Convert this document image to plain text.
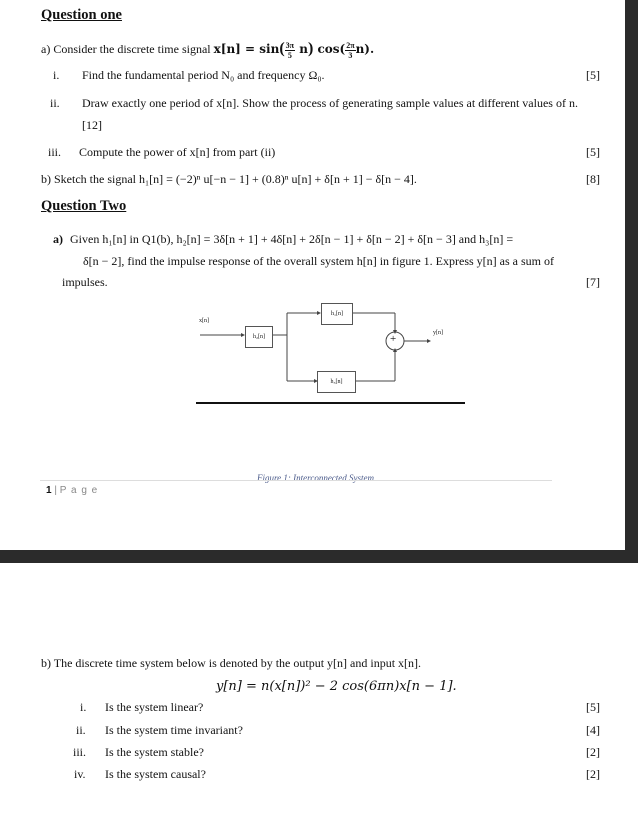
Question one
a) Consider the discrete time signal $x[n] = \sin( \frac{3\pi}{5} n)$ $\cos( \frac{2\pi}{3} n)$.
i. Find the fundamental period N₀ and frequency Ω₀.	[5]
ii. Draw exactly one period of x[n]. Show the process of generating sample values at different values of n.
[12]
iii. Compute the power of x[n] from part (ii)	[5]
b) Sketch the signal h₁[n] = (−2)ⁿ u[−n − 1] + (0.8)ⁿ u[n] + δ[n + 1] − δ[n − 4].	[8]
Question Two
a) Given h₁[n] in Q1(b), h₂[n] = 3δ[n + 1] + 4δ[n] + 2δ[n − 1] + δ[n − 2] + δ[n − 3] and h₃[n] =
δ[n − 2], find the impulse response of the overall system h[n] in figure 1. Express y[n] as a sum of
impulses.	[7]
x[n]
h₂[n]
h₁[n]
h₃[n]
+	y[n]
Figure 1: Interconnected System
1 | P a g e
b) The discrete time system below is denoted by the output y[n] and input x[n].
y[n] = n(x[n])² − 2 cos(6πn)x[n − 1].
i. Is the system linear?	[5]
ii. Is the system time invariant?	[4]
iii. Is the system stable?	[2]
iv. Is the system causal?	[2]
